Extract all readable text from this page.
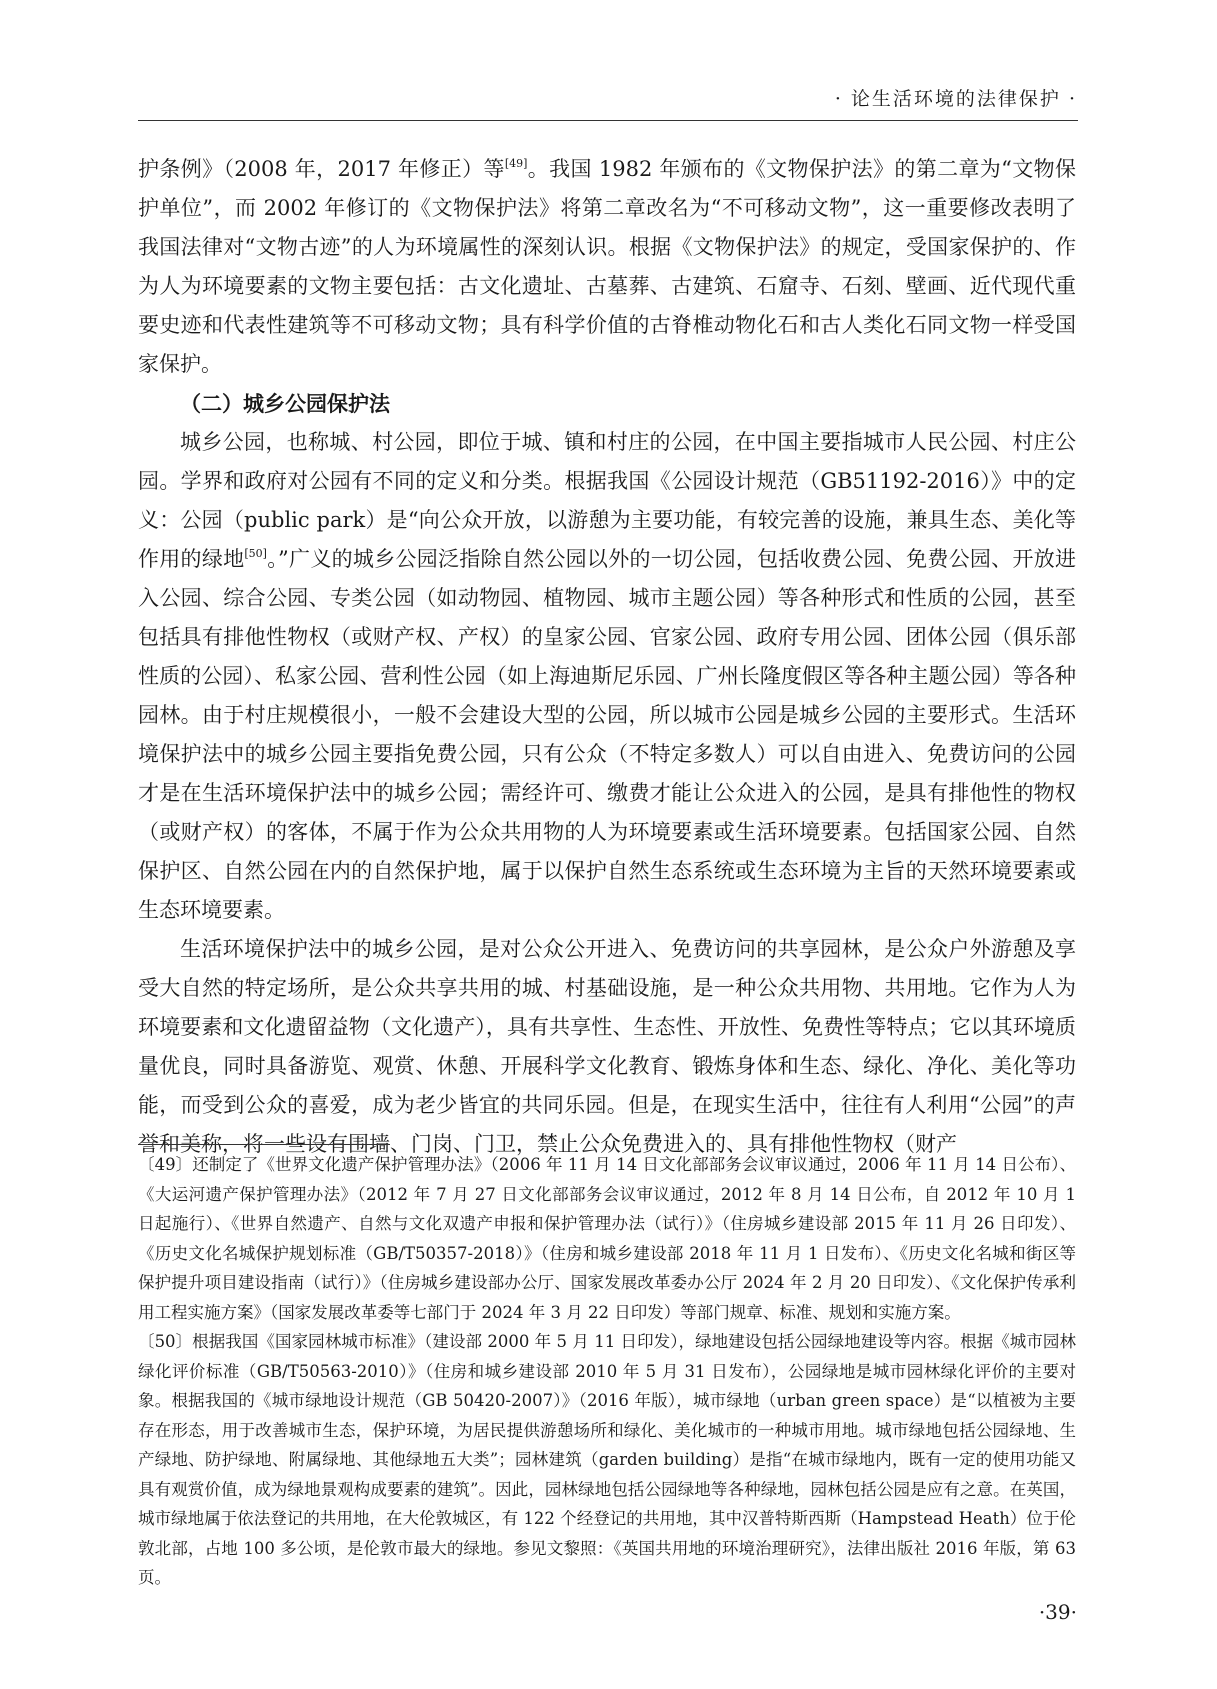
· 论生活环境的法律保护 ·

护条例》（2008 年，2017 年修正）等[49]。我国 1982 年颁布的《文物保护法》的第二章为“文物保护单位”，而 2002 年修订的《文物保护法》将第二章改名为“不可移动文物”，这一重要修改表明了我国法律对“文物古迹”的人为环境属性的深刻认识。根据《文物保护法》的规定，受国家保护的、作为人为环境要素的文物主要包括：古文化遗址、古墓葬、古建筑、石窟寺、石刻、壁画、近代现代重要史迹和代表性建筑等不可移动文物；具有科学价值的古脊椎动物化石和古人类化石同文物一样受国家保护。

（二）城乡公园保护法

城乡公园，也称城、村公园，即位于城、镇和村庄的公园，在中国主要指城市人民公园、村庄公园。学界和政府对公园有不同的定义和分类。根据我国《公园设计规范（GB51192-2016）》中的定义：公园（public park）是“向公众开放，以游憩为主要功能，有较完善的设施，兼具生态、美化等作用的绿地[50]。”广义的城乡公园泛指除自然公园以外的一切公园，包括收费公园、免费公园、开放进入公园、综合公园、专类公园（如动物园、植物园、城市主题公园）等各种形式和性质的公园，甚至包括具有排他性物权（或财产权、产权）的皇家公园、官家公园、政府专用公园、团体公园（俱乐部性质的公园）、私家公园、营利性公园（如上海迪斯尼乐园、广州长隆度假区等各种主题公园）等各种园林。由于村庄规模很小，一般不会建设大型的公园，所以城市公园是城乡公园的主要形式。生活环境保护法中的城乡公园主要指免费公园，只有公众（不特定多数人）可以自由进入、免费访问的公园才是在生活环境保护法中的城乡公园；需经许可、缴费才能让公众进入的公园，是具有排他性的物权（或财产权）的客体，不属于作为公众共用物的人为环境要素或生活环境要素。包括国家公园、自然保护区、自然公园在内的自然保护地，属于以保护自然生态系统或生态环境为主旨的天然环境要素或生态环境要素。

生活环境保护法中的城乡公园，是对公众公开进入、免费访问的共享园林，是公众户外游憩及享受大自然的特定场所，是公众共享共用的城、村基础设施，是一种公众共用物、共用地。它作为人为环境要素和文化遗留益物（文化遗产），具有共享性、生态性、开放性、免费性等特点；它以其环境质量优良，同时具备游览、观赏、休憩、开展科学文化教育、锻炼身体和生态、绿化、净化、美化等功能，而受到公众的喜爱，成为老少皆宜的共同乐园。但是，在现实生活中，往往有人利用“公园”的声誉和美称，将一些设有围墙、门岗、门卫，禁止公众免费进入的、具有排他性物权（财产

〔49〕还制定了《世界文化遗产保护管理办法》（2006 年 11 月 14 日文化部部务会议审议通过，2006 年 11 月 14 日公布）、《大运河遗产保护管理办法》（2012 年 7 月 27 日文化部部务会议审议通过，2012 年 8 月 14 日公布，自 2012 年 10 月 1 日起施行）、《世界自然遗产、自然与文化双遗产申报和保护管理办法（试行）》（住房城乡建设部 2015 年 11 月 26 日印发）、《历史文化名城保护规划标准（GB/T50357-2018）》（住房和城乡建设部 2018 年 11 月 1 日发布）、《历史文化名城和街区等保护提升项目建设指南（试行）》（住房城乡建设部办公厅、国家发展改革委办公厅 2024 年 2 月 20 日印发）、《文化保护传承利用工程实施方案》（国家发展改革委等七部门于 2024 年 3 月 22 日印发）等部门规章、标准、规划和实施方案。

〔50〕根据我国《国家园林城市标准》（建设部 2000 年 5 月 11 日印发），绿地建设包括公园绿地建设等内容。根据《城市园林绿化评价标准（GB/T50563-2010）》（住房和城乡建设部 2010 年 5 月 31 日发布），公园绿地是城市园林绿化评价的主要对象。根据我国的《城市绿地设计规范（GB 50420-2007）》（2016 年版），城市绿地（urban green space）是“以植被为主要存在形态，用于改善城市生态，保护环境，为居民提供游憩场所和绿化、美化城市的一种城市用地。城市绿地包括公园绿地、生产绿地、防护绿地、附属绿地、其他绿地五大类”；园林建筑（garden building）是指“在城市绿地内，既有一定的使用功能又具有观赏价值，成为绿地景观构成要素的建筑”。因此，园林绿地包括公园绿地等各种绿地，园林包括公园是应有之意。在英国，城市绿地属于依法登记的共用地，在大伦敦城区，有 122 个经登记的共用地，其中汉普特斯西斯（Hampstead Heath）位于伦敦北部，占地 100 多公顷，是伦敦市最大的绿地。参见文黎照：《英国共用地的环境治理研究》，法律出版社 2016 年版，第 63 页。

·39·
